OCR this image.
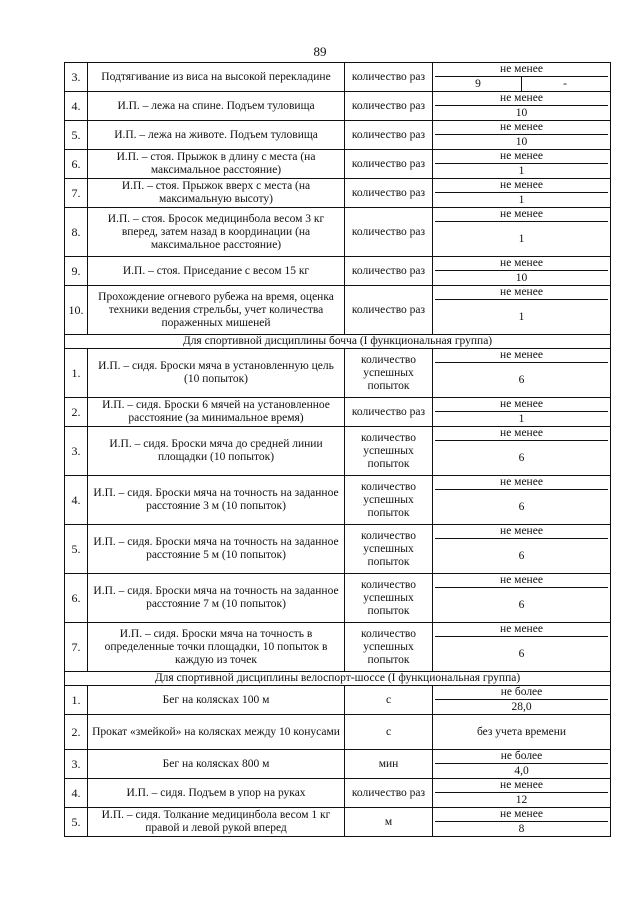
89
3.	Подтягивание из виса на высокой перекладине	количество раз	не менее
9 -

4.	И.П. – лежа на спине. Подъем туловища	количество раз	не менее
10

5.	И.П. – лежа на животе. Подъем туловища	количество раз	не менее
10

6.	И.П. – стоя. Прыжок в длину с места (на максимальное расстояние)	количество раз	не менее
1

7.	И.П. – стоя. Прыжок вверх с места (на максимальную высоту)	количество раз	не менее
1

8.	И.П. – стоя. Бросок медицинбола весом 3 кг вперед, затем назад в координации (на максимальное расстояние)	количество раз	не менее
1

9.	И.П. – стоя. Приседание с весом 15 кг	количество раз	не менее
10

10.	Прохождение огневого рубежа на время, оценка техники ведения стрельбы, учет количества пораженных мишеней	количество раз	не менее
1

Для спортивной дисциплины бочча (I функциональная группа)			
1.	И.П. – сидя. Броски мяча в установленную цель (10 попыток)	количество успешных попыток	не менее
6

2.	И.П. – сидя. Броски 6 мячей на установленное расстояние (за минимальное время)	количество раз	не менее
1

3.	И.П. – сидя. Броски мяча до средней линии площадки (10 попыток)	количество успешных попыток	не менее
6

4.	И.П. – сидя. Броски мяча на точность на заданное расстояние 3 м (10 попыток)	количество успешных попыток	не менее
6

5.	И.П. – сидя. Броски мяча на точность на заданное расстояние 5 м (10 попыток)	количество успешных попыток	не менее
6

6.	И.П. – сидя. Броски мяча на точность на заданное расстояние 7 м (10 попыток)	количество успешных попыток	не менее
6

7.	И.П. – сидя. Броски мяча на точность в определенные точки площадки, 10 попыток в каждую из точек	количество успешных попыток	не менее
6

Для спортивной дисциплины велоспорт-шоссе (I функциональная группа)			
1.	Бег на колясках 100 м	с	не более
28,0

2.	Прокат «змейкой» на колясках между 10 конусами	с	без учета времени

3.	Бег на колясках 800 м	мин	не более
4,0

4.	И.П. – сидя. Подъем в упор на руках	количество раз	не менее
12

5.	И.П. – сидя. Толкание медицинбола весом 1 кг правой и левой рукой вперед	м	не менее
8
